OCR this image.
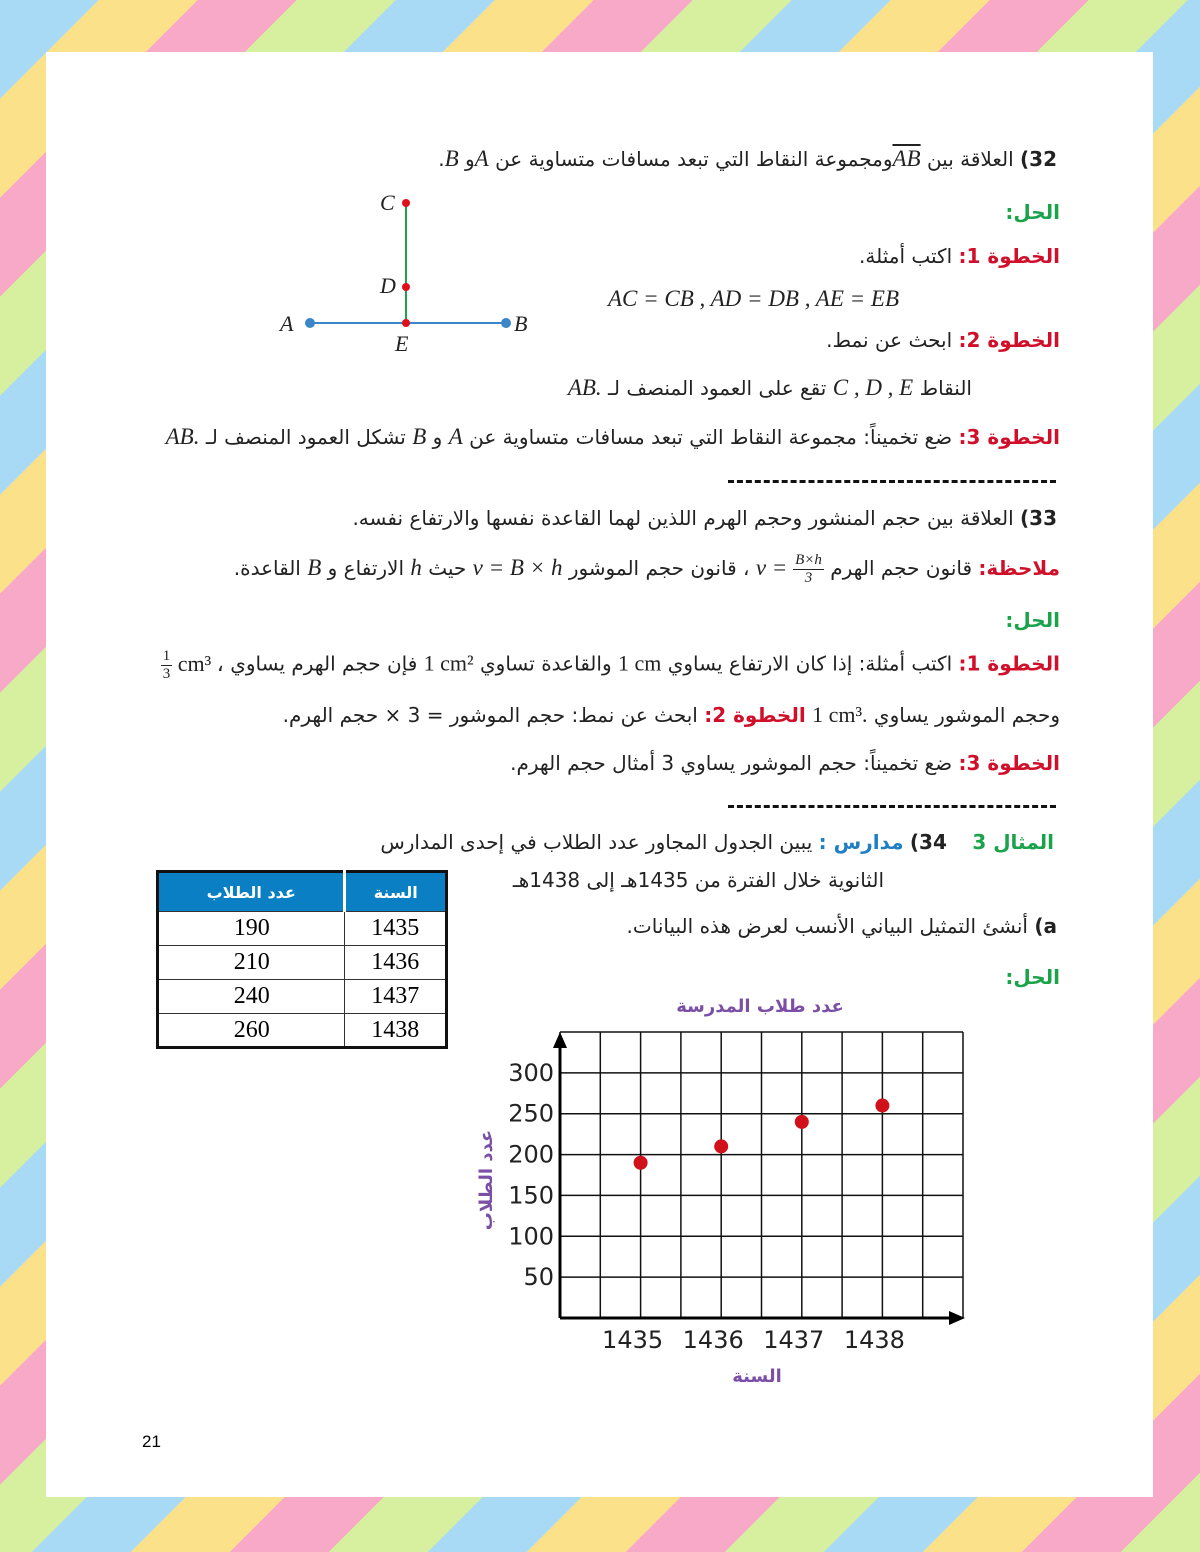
32) العلاقة بين $\overline{AB}ومجموعة$ النقاط التي تبعد مسافات متساوية عن Aو B.
الحل:
الخطوة 1: اكتب أمثلة.
AC = CB , AD = DB , AE = EB
الخطوة 2: ابحث عن نمط.
النقاط C , D , E تقع على العمود المنصف لـ AB.
الخطوة 3: ضع تخميناً: مجموعة النقاط التي تبعد مسافات متساوية عن A و B تشكل العمود المنصف لـ AB.
A	B
C
D
E
33) العلاقة بين حجم المنشور وحجم الهرم اللذين لهما القاعدة نفسها والارتفاع نفسه.
ملاحظة: قانون حجم الهرم $v = \frac{B\times h}{3}$
، قانون حجم الموشور v = B × h حيث h الارتفاع و B القاعدة.
الحل:
الخطوة 1: اكتب أمثلة: إذا كان الارتفاع يساوي 1 cm والقاعدة تساوي 1 cm² فإن حجم الهرم يساوي
$\frac{1}{3} cm^3$ ،
وحجم الموشور يساوي 1 cm³. الخطوة 2: ابحث عن نمط: حجم الموشور = 3 × حجم الهرم.
الخطوة 3: ضع تخميناً: حجم الموشور يساوي 3 أمثال حجم الهرم.
المثال 3    34) مدارس : يبين الجدول المجاور عدد الطلاب في إحدى المدارس
الثانوية خلال الفترة من 1435هـ إلى 1438هـ
a) أنشئ التمثيل البياني الأنسب لعرض هذه البيانات.
الحل:
عدد الطلاب	السنة
190	1435
210	1436
240	1437
260	1438
عدد طلاب المدرسة
السنة
عدد الطلاب
50
100
150
200
250
300
1435 1436 1437 1438
21
